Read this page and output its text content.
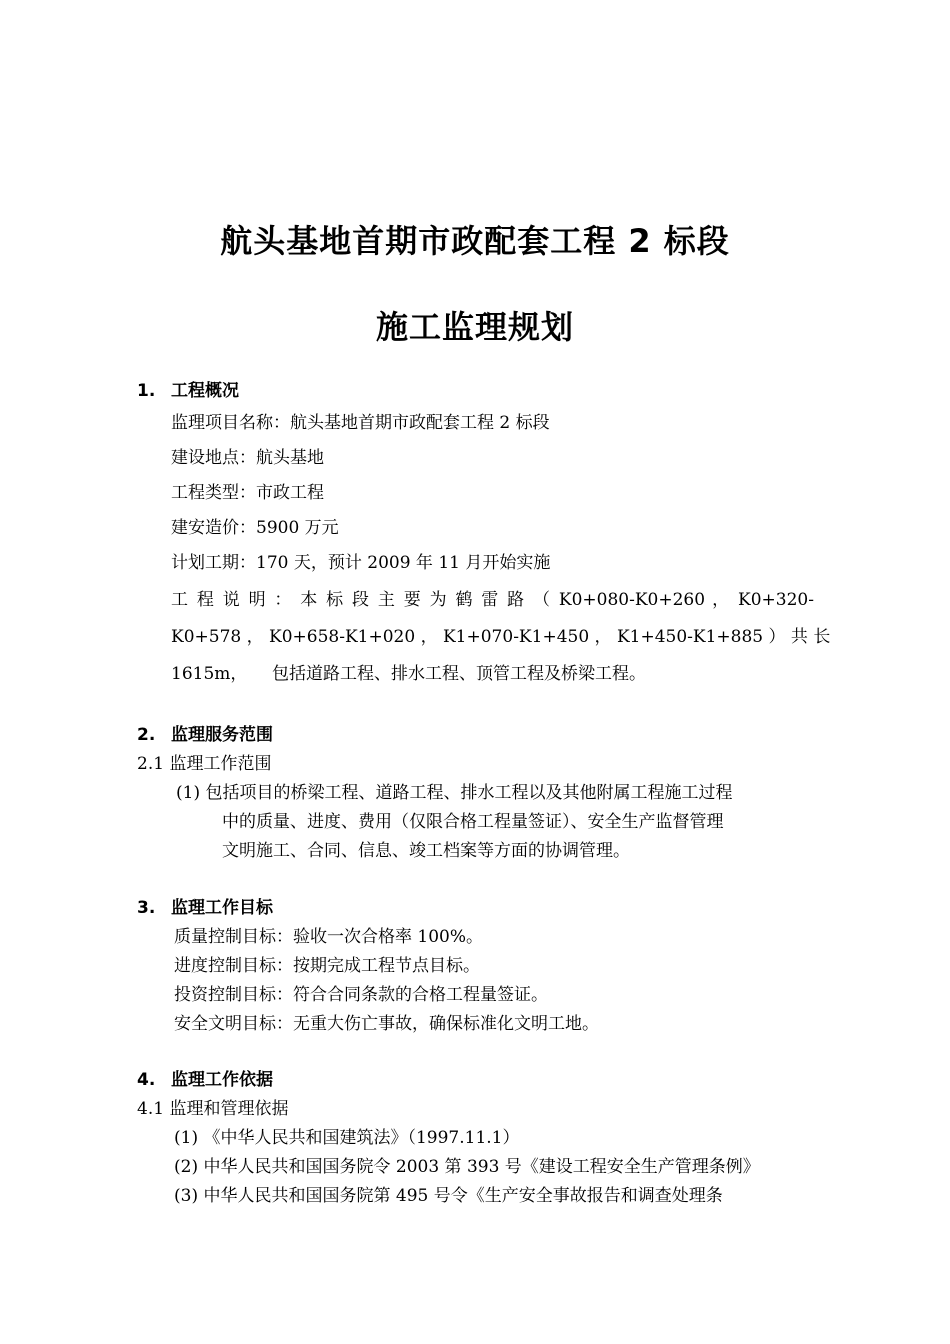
航头基地首期市政配套工程 2 标段
施工监理规划
1. 工程概况
监理项目名称：航头基地首期市政配套工程 2 标段
建设地点：航头基地
工程类型：市政工程
建安造价：5900 万元
计划工期：170 天，预计 2009 年 11 月开始实施
工 程 说 明 ： 本 标 段 主 要 为 鹤 雷 路 （ K0+080-K0+260 ， K0+320-
K0+578 ， K0+658-K1+020 ， K1+070-K1+450 ， K1+450-K1+885 ） 共 长
1615m， 包括道路工程、排水工程、顶管工程及桥梁工程。
2. 监理服务范围
2.1 监理工作范围
(1) 包括项目的桥梁工程、道路工程、排水工程以及其他附属工程施工过程
中的质量、进度、费用（仅限合格工程量签证）、安全生产监督管理
文明施工、合同、信息、竣工档案等方面的协调管理。
3. 监理工作目标
质量控制目标：验收一次合格率 100%。
进度控制目标：按期完成工程节点目标。
投资控制目标：符合合同条款的合格工程量签证。
安全文明目标：无重大伤亡事故，确保标准化文明工地。
4. 监理工作依据
4.1 监理和管理依据
(1) 《中华人民共和国建筑法》（1997.11.1）
(2) 中华人民共和国国务院令 2003 第 393 号《建设工程安全生产管理条例》
(3) 中华人民共和国国务院第 495 号令《生产安全事故报告和调查处理条
